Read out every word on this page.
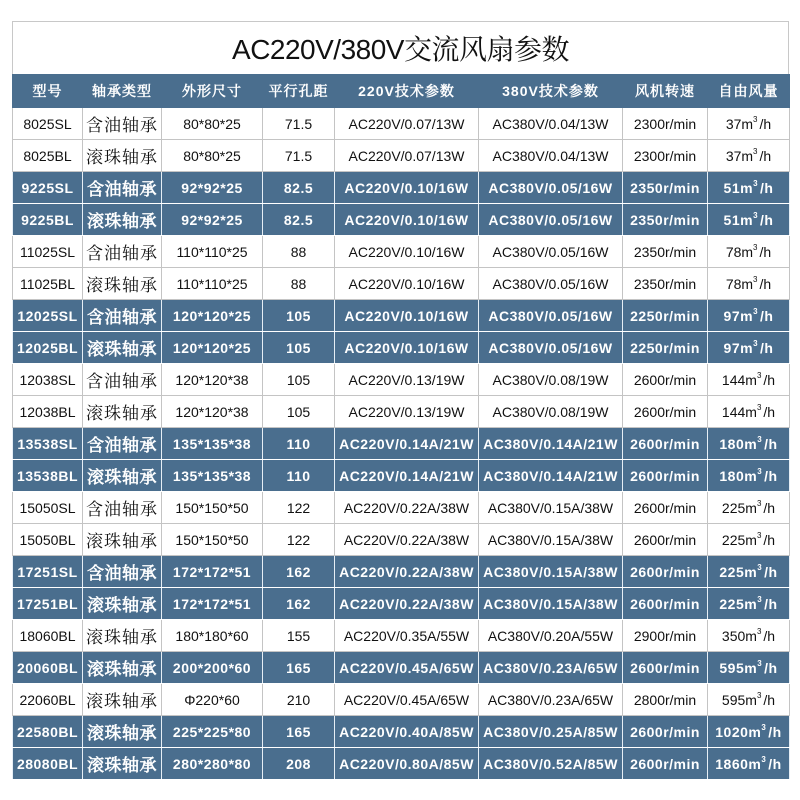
AC220V/380V交流风扇参数
型号	轴承类型	外形尺寸	平行孔距	220V技术参数	380V技术参数	风机转速	自由风量
8025SL	含油轴承	80*80*25	71.5	AC220V/0.07/13W	AC380V/0.04/13W	2300r/min	$37m^3$ /h
8025BL	滚珠轴承	80*80*25	71.5	AC220V/0.07/13W	AC380V/0.04/13W	2300r/min	$37m^3$ /h
9225SL	含油轴承	92*92*25	82.5	AC220V/0.10/16W	AC380V/0.05/16W	2350r/min	$51m^3$ /h
9225BL	滚珠轴承	92*92*25	82.5	AC220V/0.10/16W	AC380V/0.05/16W	2350r/min	$51m^3$ /h
11025SL	含油轴承	110*110*25	88	AC220V/0.10/16W	AC380V/0.05/16W	2350r/min	$78m^3$ /h
11025BL	滚珠轴承	110*110*25	88	AC220V/0.10/16W	AC380V/0.05/16W	2350r/min	$78m^3$ /h
12025SL	含油轴承	120*120*25	105	AC220V/0.10/16W	AC380V/0.05/16W	2250r/min	$97m^3$ /h
12025BL	滚珠轴承	120*120*25	105	AC220V/0.10/16W	AC380V/0.05/16W	2250r/min	$97m^3$ /h
12038SL	含油轴承	120*120*38	105	AC220V/0.13/19W	AC380V/0.08/19W	2600r/min	$144m^3$ /h
12038BL	滚珠轴承	120*120*38	105	AC220V/0.13/19W	AC380V/0.08/19W	2600r/min	$144m^3$ /h
13538SL	含油轴承	135*135*38	110	AC220V/0.14A/21W	AC380V/0.14A/21W	2600r/min	$180m^3$ /h
13538BL	滚珠轴承	135*135*38	110	AC220V/0.14A/21W	AC380V/0.14A/21W	2600r/min	$180m^3$ /h
15050SL	含油轴承	150*150*50	122	AC220V/0.22A/38W	AC380V/0.15A/38W	2600r/min	$225m^3$ /h
15050BL	滚珠轴承	150*150*50	122	AC220V/0.22A/38W	AC380V/0.15A/38W	2600r/min	$225m^3$ /h
17251SL	含油轴承	172*172*51	162	AC220V/0.22A/38W	AC380V/0.15A/38W	2600r/min	$225m^3$ /h
17251BL	滚珠轴承	172*172*51	162	AC220V/0.22A/38W	AC380V/0.15A/38W	2600r/min	$225m^3$ /h
18060BL	滚珠轴承	180*180*60	155	AC220V/0.35A/55W	AC380V/0.20A/55W	2900r/min	$350m^3$ /h
20060BL	滚珠轴承	200*200*60	165	AC220V/0.45A/65W	AC380V/0.23A/65W	2600r/min	$595m^3$ /h
22060BL	滚珠轴承	Φ220*60	210	AC220V/0.45A/65W	AC380V/0.23A/65W	2800r/min	$595m^3$ /h
22580BL	滚珠轴承	225*225*80	165	AC220V/0.40A/85W	AC380V/0.25A/85W	2600r/min	$1020m^3$ /h
28080BL	滚珠轴承	280*280*80	208	AC220V/0.80A/85W	AC380V/0.52A/85W	2600r/min	$1860m^3$ /h
